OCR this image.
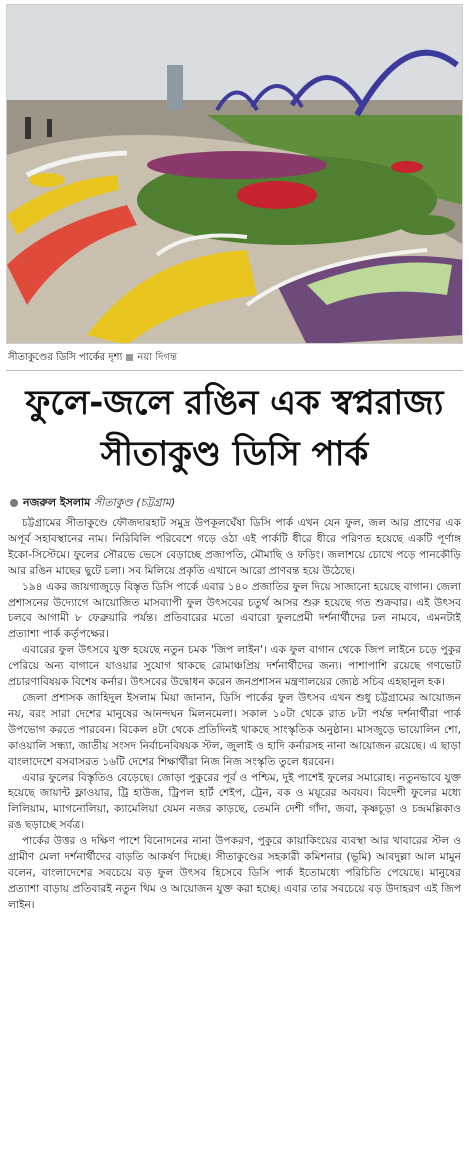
সীতাকুণ্ডের ডিসি পার্কের দৃশ্য নয়া দিগন্ত
ফুলে-জলে রঙিন এক স্বপ্নরাজ্য
সীতাকুণ্ড ডিসি পার্ক
নজরুল ইসলাম সীতাকুণ্ড (চট্টগ্রাম)

চট্টগ্রামের সীতাকুণ্ডে ফৌজদারহাট সমুদ্র উপকূলঘেঁষা ডিসি পার্ক এখন যেন ফুল, জল আর প্রাণের এক অপূর্ব সহাবস্থানের নাম। নিরিবিলি পরিবেশে গড়ে ওঠা এই পার্কটি ধীরে ধীরে পরিণত হয়েছে একটি পূর্ণাঙ্গ ইকো-সিস্টেমে। ফুলের সৌরভে ভেসে বেড়াচ্ছে প্রজাপতি, মৌমাছি ও ফড়িং। জলাশয়ে চোখে পড়ে পানকৌড়ি আর রঙিন মাছের ছুটে চলা। সব মিলিয়ে প্রকৃতি এখানে আরো প্রাণবন্ত হয়ে উঠেছে।

১৯৪ একর জায়গাজুড়ে বিস্তৃত ডিসি পার্কে এবার ১৪০ প্রজাতির ফুল দিয়ে সাজানো হয়েছে বাগান। জেলা প্রশাসনের উদ্যোগে আয়োজিত মাসব্যাপী ফুল উৎসবের চতুর্থ আসর শুরু হয়েছে গত শুক্রবার। এই উৎসব চলবে আগামী ৮ ফেব্রুয়ারি পর্যন্ত। প্রতিবারের মতো এবারো ফুলপ্রেমী দর্শনার্থীদের ঢল নামবে, এমনটাই প্রত্যাশা পার্ক কর্তৃপক্ষের।

এবারের ফুল উৎসবে যুক্ত হয়েছে নতুন চমক 'জিপ লাইন'। এক ফুল বাগান থেকে জিপ লাইনে চড়ে পুকুর পেরিয়ে অন্য বাগানে যাওয়ার সুযোগ থাকছে রোমাঞ্চপ্রিয় দর্শনার্থীদের জন্য। পাশাপাশি রয়েছে গণভোট প্রচারণাবিষয়ক বিশেষ কর্নার। উৎসবের উদ্বোধন করেন জনপ্রশাসন মন্ত্রণালয়ের জ্যেষ্ঠ সচিব এহছানুল হক।

জেলা প্রশাসক জাহিদুল ইসলাম মিয়া জানান, ডিসি পার্কের ফুল উৎসব এখন শুধু চট্টগ্রামের আয়োজন নয়, বরং সারা দেশের মানুষের আনন্দঘন মিলনমেলা। সকাল ১০টা থেকে রাত ৮টা পর্যন্ত দর্শনার্থীরা পার্ক উপভোগ করতে পারবেন। বিকেল ৪টা থেকে প্রতিদিনই থাকছে সাংস্কৃতিক অনুষ্ঠান। মাসজুড়ে ভায়োলিন শো, কাওয়ালি সন্ধ্যা, জাতীয় সংসদ নির্বাচনবিষয়ক স্টল, জুলাই ও হাদি কর্নারসহ নানা আয়োজন রয়েছে। এ ছাড়া বাংলাদেশে বসবাসরত ১৬টি দেশের শিক্ষার্থীরা নিজ নিজ সংস্কৃতি তুলে ধরবেন।

এবার ফুলের বিস্তৃতিও বেড়েছে। জোড়া পুকুরের পূর্ব ও পশ্চিম, দুই পাশেই ফুলের সমারোহ। নতুনভাবে যুক্ত হয়েছে জায়ান্ট ফ্লাওয়ার, ট্রি হাউজ, ট্রিপল হার্ট শেইপ, ট্রেন, বক ও ময়ূরের অবয়ব। বিদেশী ফুলের মধ্যে লিলিয়াম, ম্যাগনোলিয়া, ক্যামেলিয়া যেমন নজর কাড়ছে, তেমনি দেশী গাঁদা, জবা, কৃষ্ণচূড়া ও চন্দ্রমল্লিকাও রঙ ছড়াচ্ছে সর্বত্র।

পার্কের উত্তর ও দক্ষিণ পাশে বিনোদনের নানা উপকরণ, পুকুরে কায়াকিংয়ের ব্যবস্থা আর খাবারের স্টল ও গ্রামীণ মেলা দর্শনার্থীদের বাড়তি আকর্ষণ দিচ্ছে। সীতাকুণ্ডের সহকারী কমিশনার (ভূমি) আবদুল্লা আল মামুন বলেন, বাংলাদেশের সবচেয়ে বড় ফুল উৎসব হিসেবে ডিসি পার্ক ইতোমধ্যে পরিচিতি পেয়েছে। মানুষের প্রত্যাশা বাড়ায় প্রতিবারই নতুন থিম ও আয়োজন যুক্ত করা হচ্ছে। এবার তার সবচেয়ে বড় উদাহরণ এই জিপ লাইন।
